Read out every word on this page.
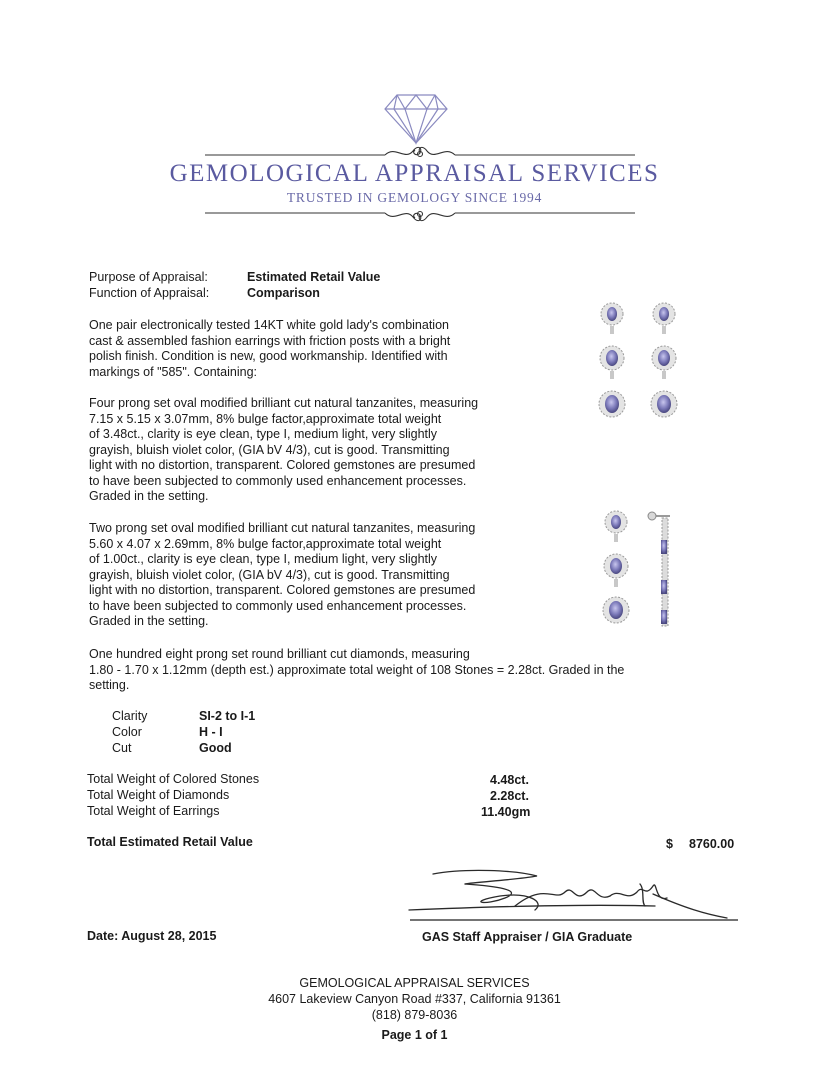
GEMOLOGICAL APPRAISAL SERVICES
TRUSTED IN GEMOLOGY SINCE 1994
Purpose of Appraisal:	Estimated Retail Value
Function of Appraisal:	Comparison
One pair electronically tested 14KT white gold lady's combination
cast & assembled fashion earrings with friction posts with a bright
polish finish. Condition is new, good workmanship. Identified with
markings of "585". Containing:
Four prong set oval modified brilliant cut natural tanzanites, measuring
7.15 x 5.15 x 3.07mm, 8% bulge factor,approximate total weight
of 3.48ct., clarity is eye clean, type I, medium light, very slightly
grayish, bluish violet color, (GIA bV 4/3), cut is good. Transmitting
light with no distortion, transparent. Colored gemstones are presumed
to have been subjected to commonly used enhancement processes.
Graded in the setting.
Two prong set oval modified brilliant cut natural tanzanites, measuring
5.60 x 4.07 x 2.69mm, 8% bulge factor,approximate total weight
of 1.00ct., clarity is eye clean, type I, medium light, very slightly
grayish, bluish violet color, (GIA bV 4/3), cut is good. Transmitting
light with no distortion, transparent. Colored gemstones are presumed
to have been subjected to commonly used enhancement processes.
Graded in the setting.
One hundred eight prong set round brilliant cut diamonds, measuring
1.80 - 1.70 x 1.12mm (depth est.) approximate total weight of 108 Stones = 2.28ct. Graded in the
setting.
Clarity	SI-2 to I-1
Color	H - I
Cut	Good
Total Weight of Colored Stones	4.48ct.
Total Weight of Diamonds	2.28ct.
Total Weight of Earrings	11.40gm
Total Estimated Retail Value	$ 8760.00
Date: August 28, 2015	GAS Staff Appraiser / GIA Graduate
GEMOLOGICAL APPRAISAL SERVICES
4607 Lakeview Canyon Road #337, California 91361
(818) 879-8036
Page 1 of 1
